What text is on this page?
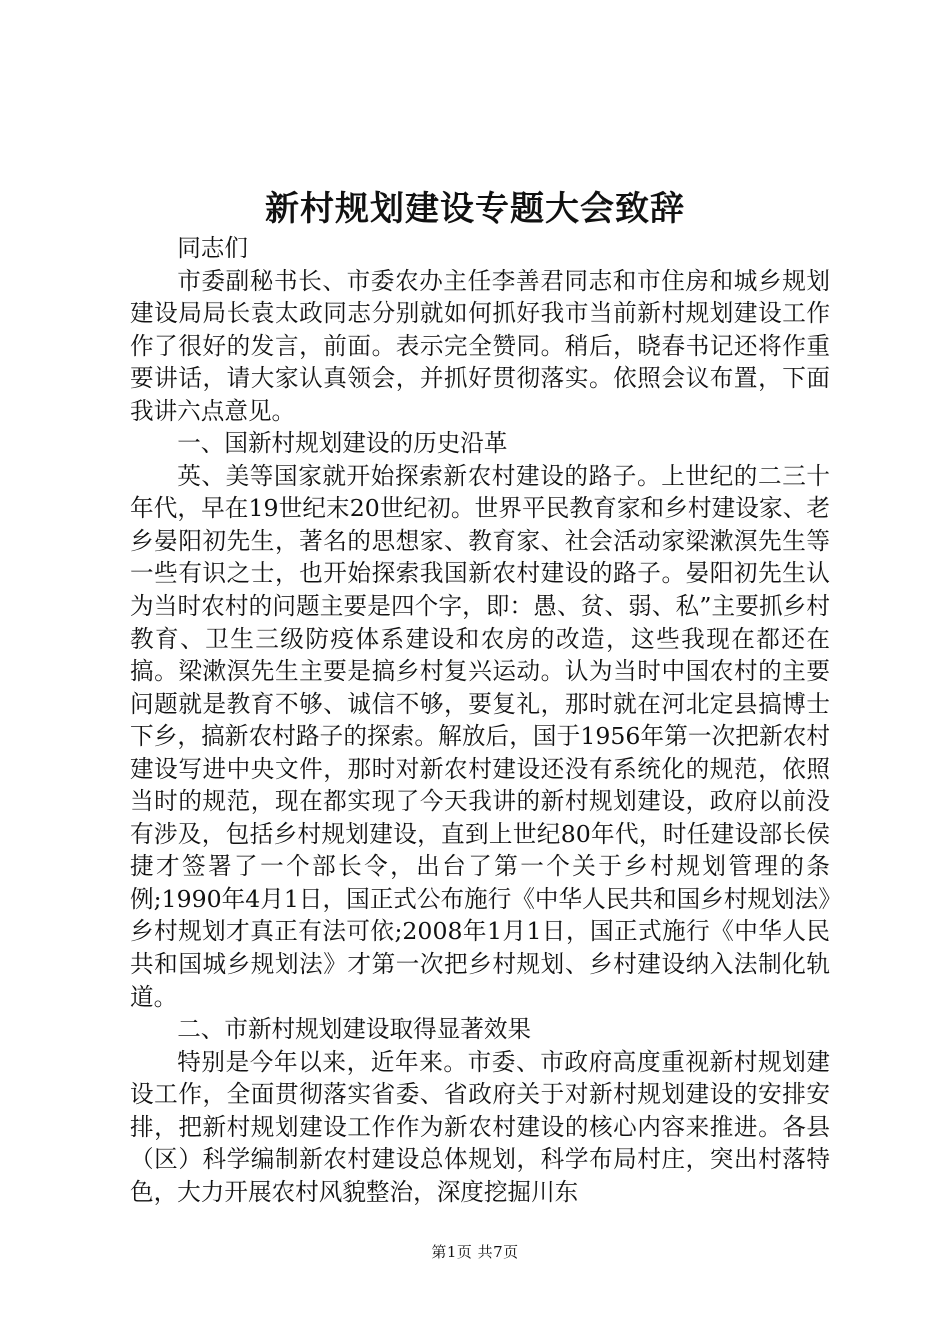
新村规划建设专题大会致辞

同志们

市委副秘书长、市委农办主任李善君同志和市住房和城乡规划建设局局长袁太政同志分别就如何抓好我市当前新村规划建设工作作了很好的发言，前面。表示完全赞同。稍后，晓春书记还将作重要讲话，请大家认真领会，并抓好贯彻落实。依照会议布置，下面我讲六点意见。

一、国新村规划建设的历史沿革

英、美等国家就开始探索新农村建设的路子。上世纪的二三十年代，早在19世纪末20世纪初。世界平民教育家和乡村建设家、老乡晏阳初先生，著名的思想家、教育家、社会活动家梁漱溟先生等一些有识之士，也开始探索我国新农村建设的路子。晏阳初先生认为当时农村的问题主要是四个字，即：愚、贫、弱、私”主要抓乡村教育、卫生三级防疫体系建设和农房的改造，这些我现在都还在搞。梁漱溟先生主要是搞乡村复兴运动。认为当时中国农村的主要问题就是教育不够、诚信不够，要复礼，那时就在河北定县搞博士下乡，搞新农村路子的探索。解放后，国于1956年第一次把新农村建设写进中央文件，那时对新农村建设还没有系统化的规范，依照当时的规范，现在都实现了今天我讲的新村规划建设，政府以前没有涉及，包括乡村规划建设，直到上世纪80年代，时任建设部长侯捷才签署了一个部长令，出台了第一个关于乡村规划管理的条例;1990年4月1日，国正式公布施行《中华人民共和国乡村规划法》乡村规划才真正有法可依;2008年1月1日，国正式施行《中华人民共和国城乡规划法》才第一次把乡村规划、乡村建设纳入法制化轨道。

二、市新村规划建设取得显著效果

特别是今年以来，近年来。市委、市政府高度重视新村规划建设工作，全面贯彻落实省委、省政府关于对新村规划建设的安排安排，把新村规划建设工作作为新农村建设的核心内容来推进。各县（区）科学编制新农村建设总体规划，科学布局村庄，突出村落特色，大力开展农村风貌整治，深度挖掘川东

第1页 共7页
